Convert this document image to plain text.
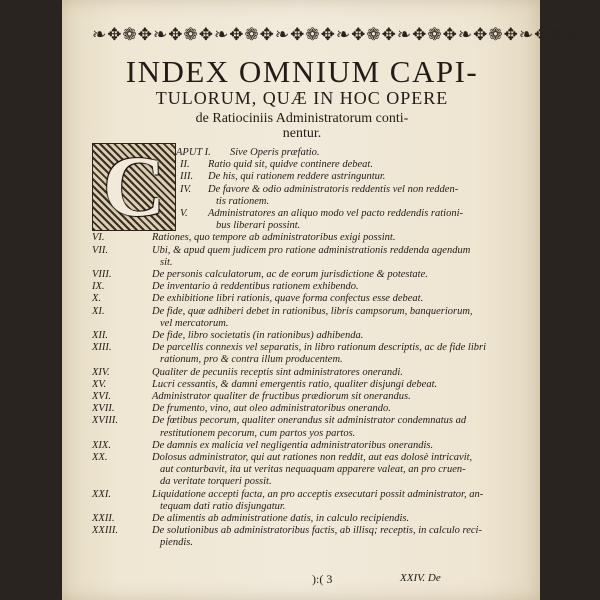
❧✥❁✥❧✥❁✥❧✥❁✥❧✥❁✥❧✥❁✥❧✥❁✥❧✥❁✥❧✥❁✥
INDEX OMNIUM CAPI-
TULORUM, QUÆ IN HOC OPERE
de Ratiociniis Administratorum conti-
nentur.
C	APUT I. Sive Operis præfatio.
II. Ratio quid sit, quidve continere debeat.
III. De his, qui rationem reddere astringuntur.
IV. De favore & odio administratoris reddentis vel non redden-
tis rationem.
V. Administratores an aliquo modo vel pacto reddendis rationi-
bus liberari possint.
VI.	Rationes, quo tempore ab administratoribus exigi possint.
VII.	Ubi, & apud quem judicem pro ratione administrationis reddenda agendum
sit.
VIII.	De personis calculatorum, ac de eorum jurisdictione & potestate.
IX.	De inventario à reddentibus rationem exhibendo.
X.	De exhibitione libri rationis, quave forma confectus esse debeat.
XI.	De fide, quæ adhiberi debet in rationibus, libris campsorum, banqueriorum,
vel mercatorum.
XII.	De fide, libro societatis (in rationibus) adhibenda.
XIII.	De parcellis connexis vel separatis, in libro rationum descriptis, ac de fide libri
rationum, pro & contra illum producentem.
XIV.	Qualiter de pecuniis receptis sint administratores onerandi.
XV.	Lucri cessantis, & damni emergentis ratio, qualiter disjungi debeat.
XVI.	Administrator qualiter de fructibus prædiorum sit onerandus.
XVII.	De frumento, vino, aut oleo administratoribus onerando.
XVIII.	De fœtibus pecorum, qualiter onerandus sit administrator condemnatus ad
restitutionem pecorum, cum partos yos partos.
XIX.	De damnis ex malicia vel negligentia administratoribus onerandis.
XX.	Dolosus administrator, qui aut rationes non reddit, aut eas dolosè intricavit,
aut conturbavit, ita ut veritas nequaquam apparere valeat, an pro cruen-
da veritate torqueri possit.
XXI.	Liquidatione accepti facta, an pro acceptis exsecutari possit administrator, an-
tequam dati ratio disjungatur.
XXII.	De alimentis ab administratione datis, in calculo recipiendis.
XXIII.	De solutionibus ab administratoribus factis, ab illisq; receptis, in calculo reci-
piendis.
):( 3	XXIV. De
